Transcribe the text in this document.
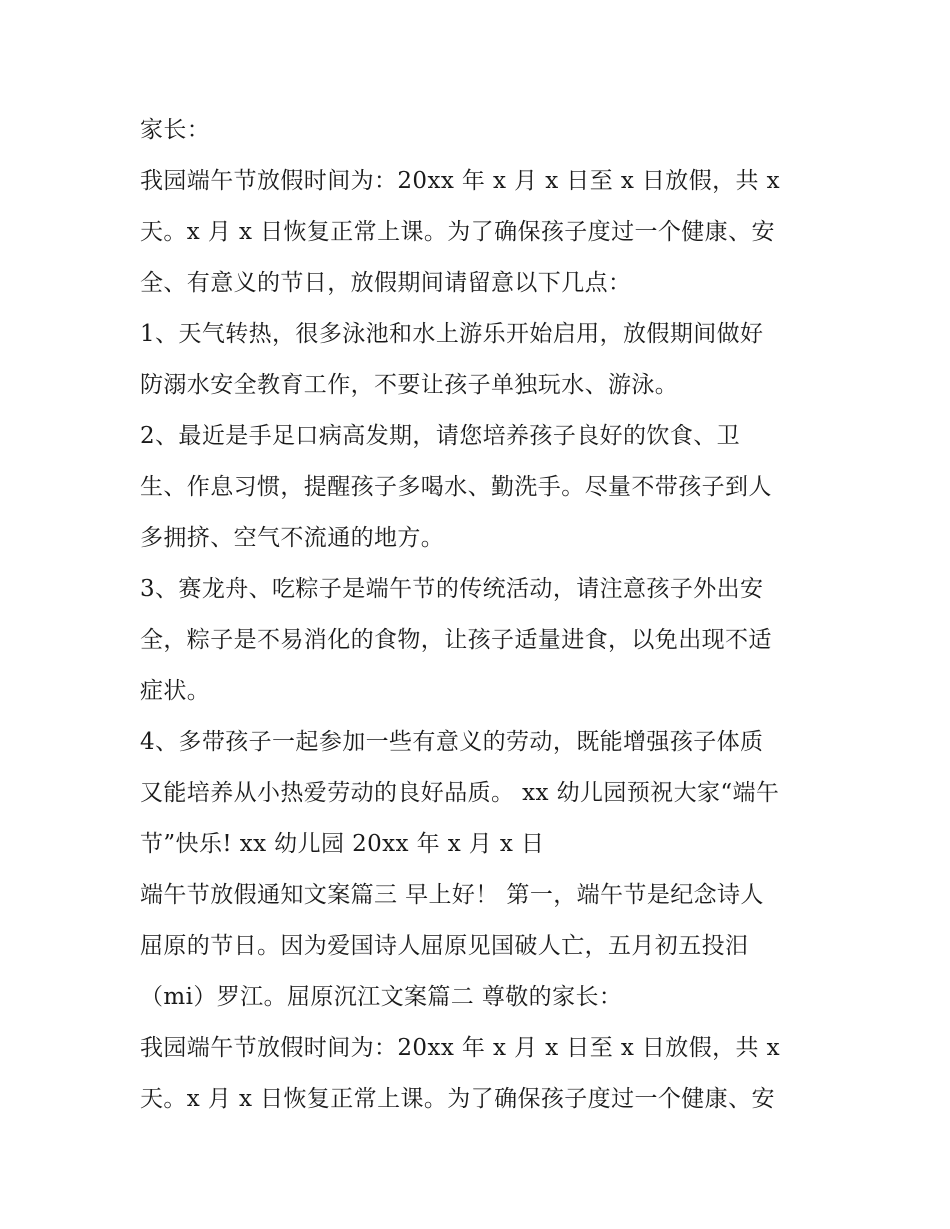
家长：
我园端午节放假时间为：20xx 年 x 月 x 日至 x 日放假，共 x
天。x 月 x 日恢复正常上课。为了确保孩子度过一个健康、安
全、有意义的节日，放假期间请留意以下几点：
1、天气转热，很多泳池和水上游乐开始启用，放假期间做好
防溺水安全教育工作，不要让孩子单独玩水、游泳。
2、最近是手足口病高发期，请您培养孩子良好的饮食、卫
生、作息习惯，提醒孩子多喝水、勤洗手。尽量不带孩子到人
多拥挤、空气不流通的地方。
3、赛龙舟、吃粽子是端午节的传统活动，请注意孩子外出安
全，粽子是不易消化的食物，让孩子适量进食，以免出现不适
症状。
4、多带孩子一起参加一些有意义的劳动，既能增强孩子体质
又能培养从小热爱劳动的良好品质。 xx 幼儿园预祝大家“端午
节”快乐! xx 幼儿园 20xx 年 x 月 x 日
端午节放假通知文案篇三 早上好！ 第一，端午节是纪念诗人
屈原的节日。因为爱国诗人屈原见国破人亡，五月初五投汨
（mi）罗江。屈原沉江文案篇二 尊敬的家长：
我园端午节放假时间为：20xx 年 x 月 x 日至 x 日放假，共 x
天。x 月 x 日恢复正常上课。为了确保孩子度过一个健康、安
